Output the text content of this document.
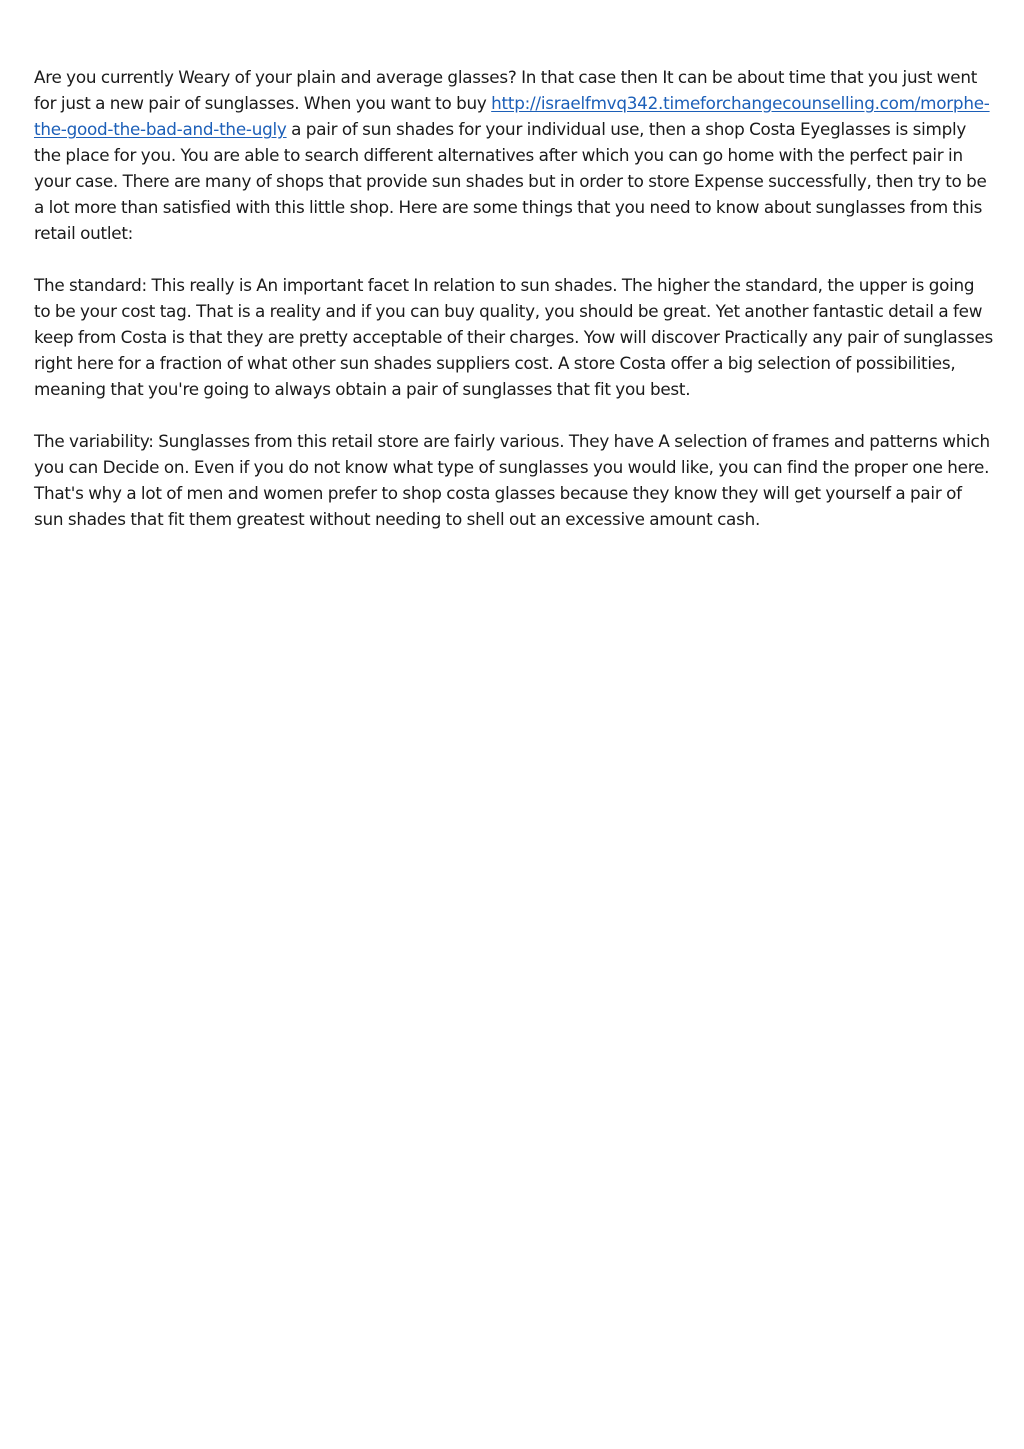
Are you currently Weary of your plain and average glasses? In that case then It can be about time that you just went for just a new pair of sunglasses. When you want to buy http://israelfmvq342.timeforchangecounselling.com/morphe-the-good-the-bad-and-the-ugly a pair of sun shades for your individual use, then a shop Costa Eyeglasses is simply the place for you. You are able to search different alternatives after which you can go home with the perfect pair in your case. There are many of shops that provide sun shades but in order to store Expense successfully, then try to be a lot more than satisfied with this little shop. Here are some things that you need to know about sunglasses from this retail outlet:

The standard: This really is An important facet In relation to sun shades. The higher the standard, the upper is going to be your cost tag. That is a reality and if you can buy quality, you should be great. Yet another fantastic detail a few keep from Costa is that they are pretty acceptable of their charges. Yow will discover Practically any pair of sunglasses right here for a fraction of what other sun shades suppliers cost. A store Costa offer a big selection of possibilities, meaning that you're going to always obtain a pair of sunglasses that fit you best.

The variability: Sunglasses from this retail store are fairly various. They have A selection of frames and patterns which you can Decide on. Even if you do not know what type of sunglasses you would like, you can find the proper one here. That's why a lot of men and women prefer to shop costa glasses because they know they will get yourself a pair of sun shades that fit them greatest without needing to shell out an excessive amount cash.
